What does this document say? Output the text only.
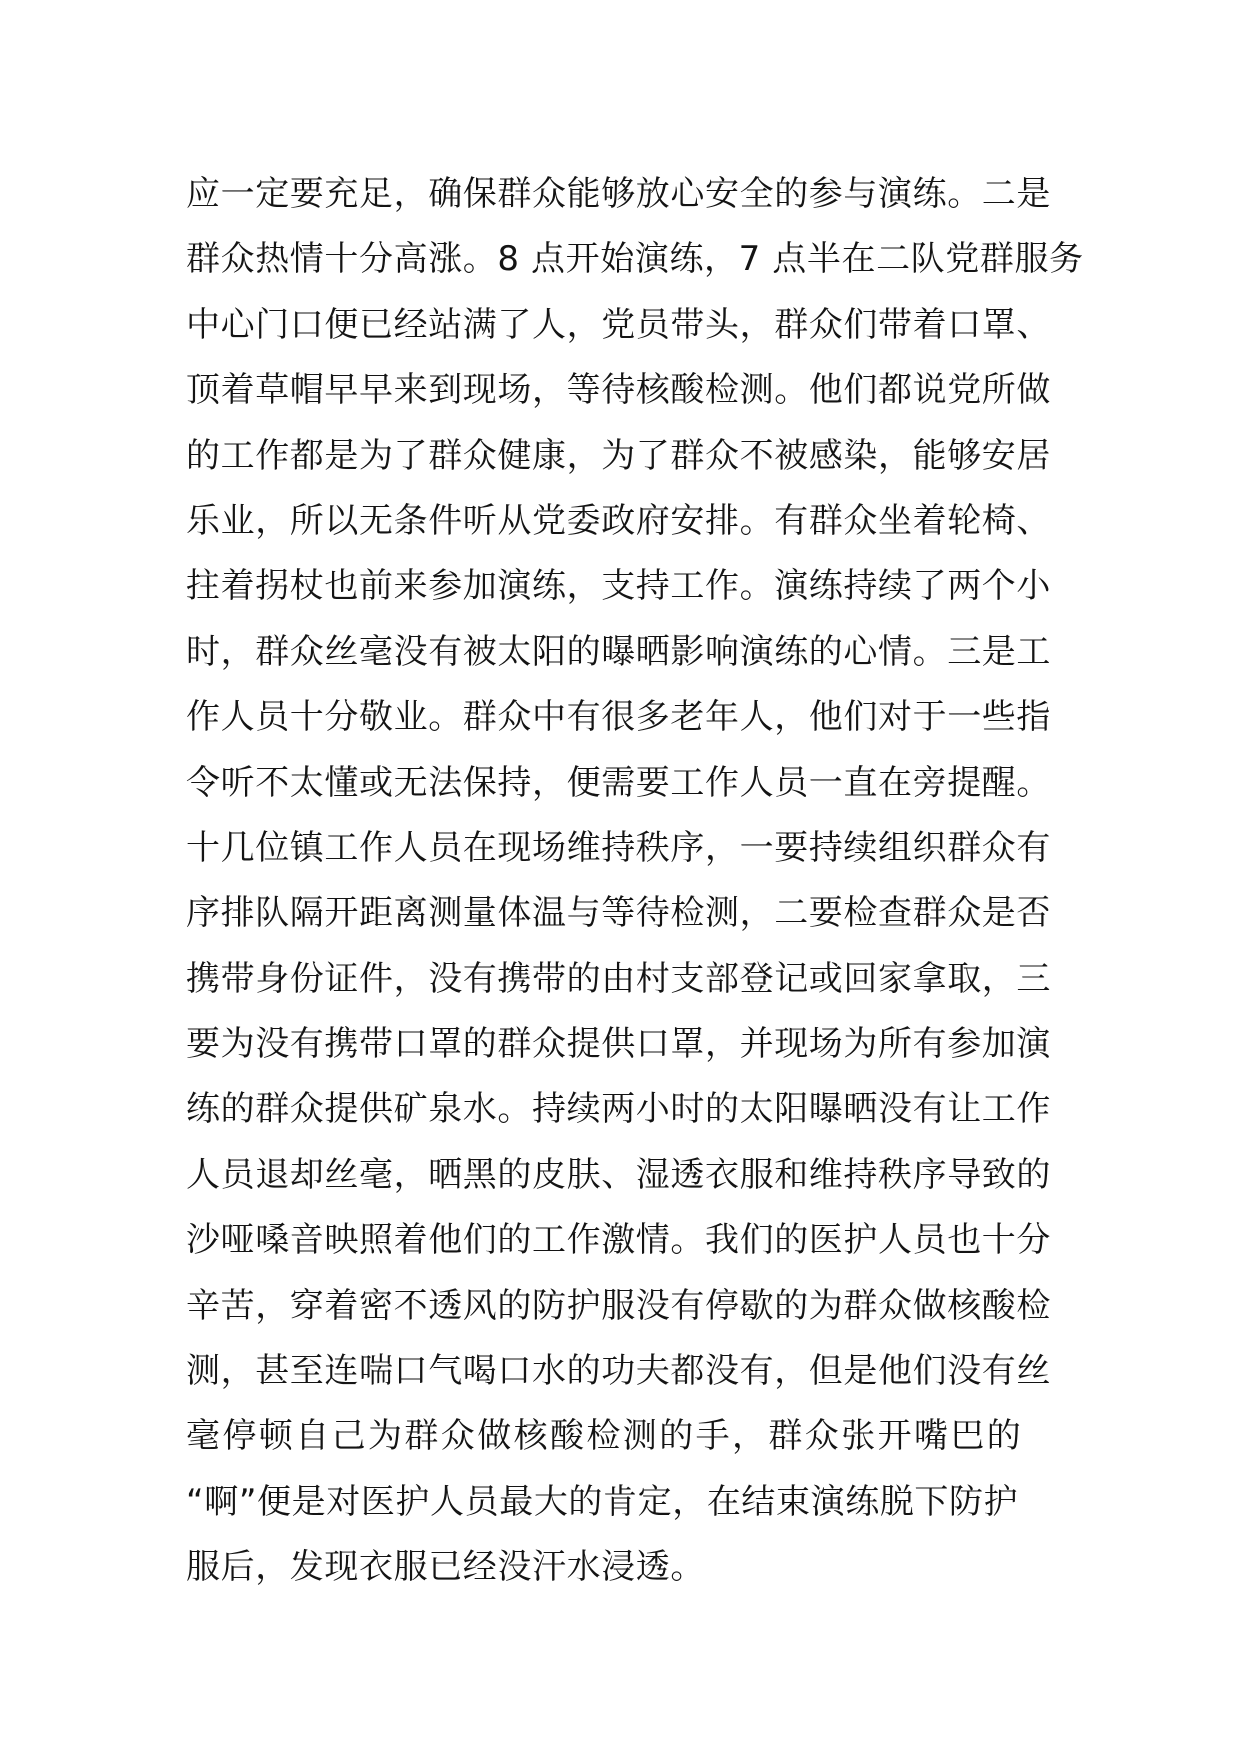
应一定要充足，确保群众能够放心安全的参与演练。二是
群众热情十分高涨。8 点开始演练，7 点半在二队党群服务
中心门口便已经站满了人，党员带头，群众们带着口罩、
顶着草帽早早来到现场，等待核酸检测。他们都说党所做
的工作都是为了群众健康，为了群众不被感染，能够安居
乐业，所以无条件听从党委政府安排。有群众坐着轮椅、
拄着拐杖也前来参加演练，支持工作。演练持续了两个小
时，群众丝毫没有被太阳的曝晒影响演练的心情。三是工
作人员十分敬业。群众中有很多老年人，他们对于一些指
令听不太懂或无法保持，便需要工作人员一直在旁提醒。
十几位镇工作人员在现场维持秩序，一要持续组织群众有
序排队隔开距离测量体温与等待检测，二要检查群众是否
携带身份证件，没有携带的由村支部登记或回家拿取，三
要为没有携带口罩的群众提供口罩，并现场为所有参加演
练的群众提供矿泉水。持续两小时的太阳曝晒没有让工作
人员退却丝毫，晒黑的皮肤、湿透衣服和维持秩序导致的
沙哑嗓音映照着他们的工作激情。我们的医护人员也十分
辛苦，穿着密不透风的防护服没有停歇的为群众做核酸检
测，甚至连喘口气喝口水的功夫都没有，但是他们没有丝
毫停顿自己为群众做核酸检测的手，群众张开嘴巴的
“啊”便是对医护人员最大的肯定，在结束演练脱下防护
服后，发现衣服已经没汗水浸透。
